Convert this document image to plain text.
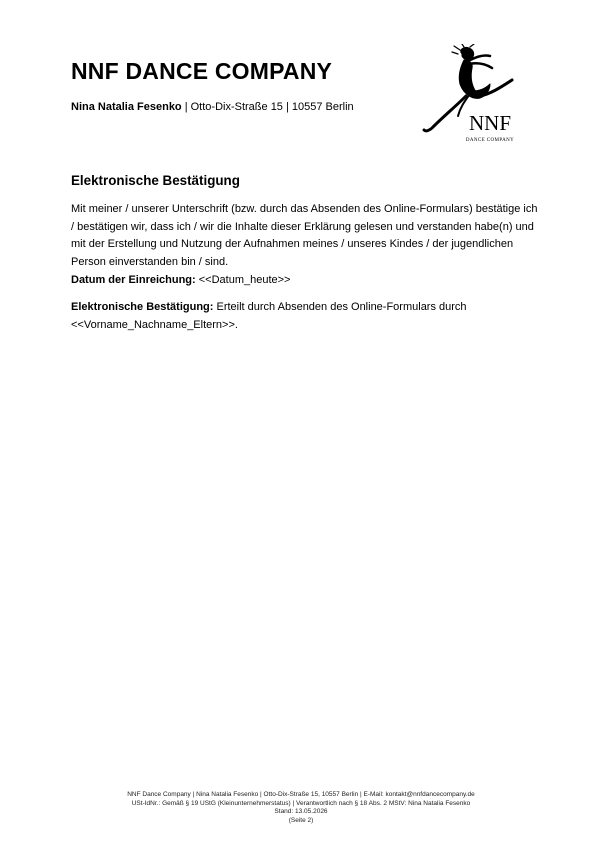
NNF DANCE COMPANY
Nina Natalia Fesenko | Otto-Dix-Straße 15 | 10557 Berlin
NNF
DANCE COMPANY
Elektronische Bestätigung

Mit meiner / unserer Unterschrift (bzw. durch das Absenden des Online-Formulars) bestätige ich / bestätigen wir, dass ich / wir die Inhalte dieser Erklärung gelesen und verstanden habe(n) und mit der Erstellung und Nutzung der Aufnahmen meines / unseres Kindes / der jugendlichen Person einverstanden bin / sind.

Datum der Einreichung: <<Datum_heute>>

Elektronische Bestätigung: Erteilt durch Absenden des Online-Formulars durch <<Vorname_Nachname_Eltern>>.

NNF Dance Company | Nina Natalia Fesenko | Otto-Dix-Straße 15, 10557 Berlin | E-Mail: kontakt@nnfdancecompany.de
USt-IdNr.: Gemäß § 19 UStG (Kleinunternehmerstatus) | Verantwortlich nach § 18 Abs. 2 MStV: Nina Natalia Fesenko
Stand: 13.05.2026
(Seite 2)
